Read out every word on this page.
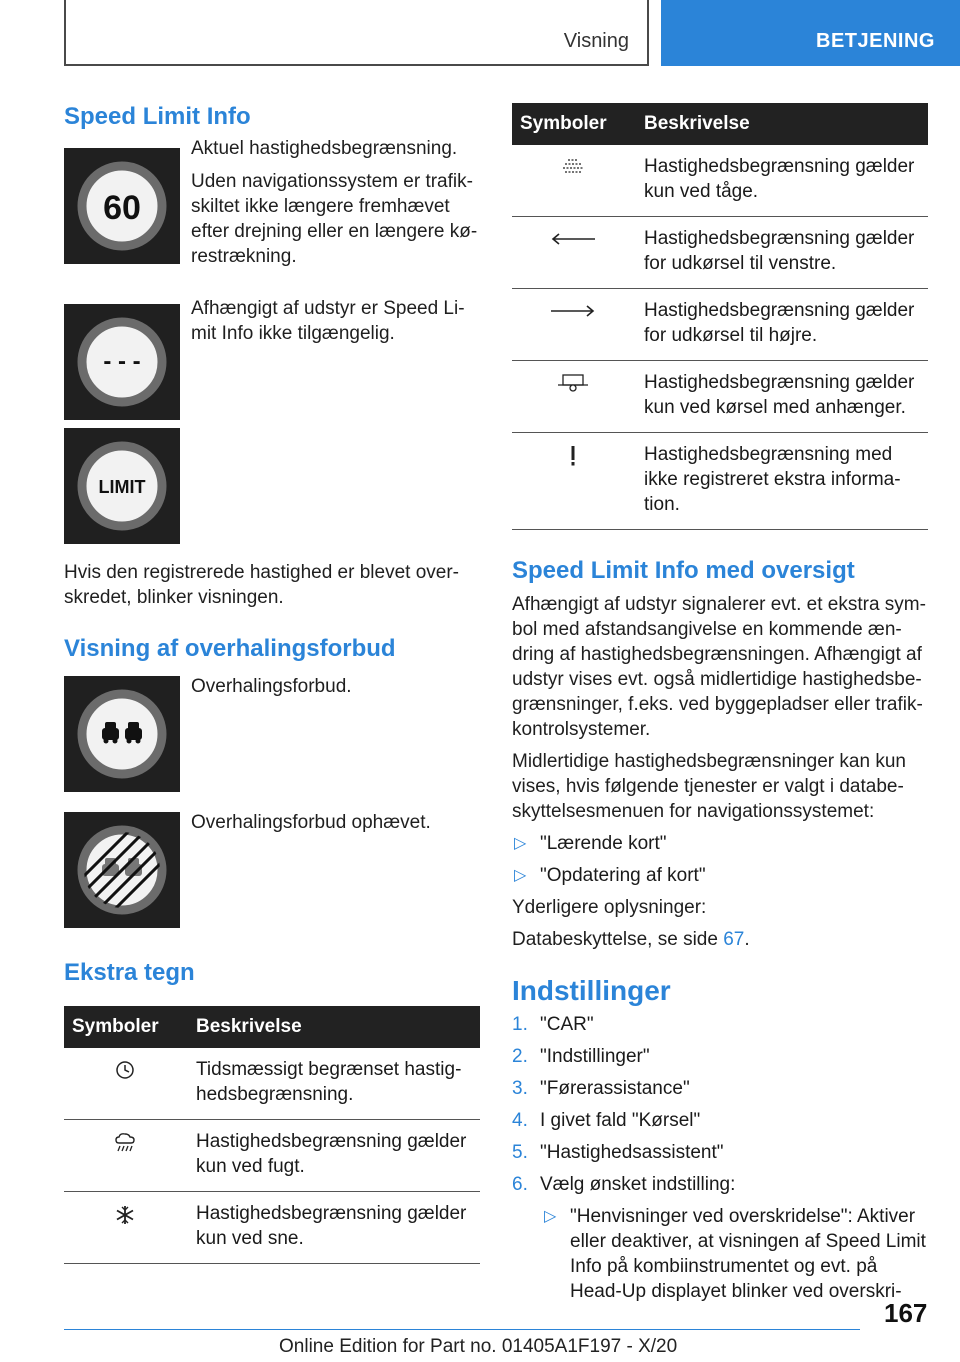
Visning	BETJENING
Speed Limit Info
60

Aktuel hastighedsbegrænsning.

Uden navigationssystem er trafik-skiltet ikke længere fremhævet efter drejning eller en længere kø-restrækning.

- - -

Afhængigt af udstyr er Speed Li-mit Info ikke tilgængelig.

LIMIT

Hvis den registrerede hastighed er blevet over-skredet, blinker visningen.

Visning af overhalingsforbud

Overhalingsforbud.

Overhalingsforbud ophævet.

Ekstra tegn
Symboler	Beskrivelse
	Tidsmæssigt begrænset hastig-hedsbegrænsning.
	Hastighedsbegrænsning gælder kun ved fugt.
	Hastighedsbegrænsning gælder kun ved sne.
Symboler	Beskrivelse
	Hastighedsbegrænsning gælder kun ved tåge.
	Hastighedsbegrænsning gælder for udkørsel til venstre.
	Hastighedsbegrænsning gælder for udkørsel til højre.
	Hastighedsbegrænsning gælder kun ved kørsel med anhænger.
	Hastighedsbegrænsning med ikke registreret ekstra informa-tion.
Speed Limit Info med oversigt

Afhængigt af udstyr signalerer evt. et ekstra sym-bol med afstandsangivelse en kommende æn-dring af hastighedsbegrænsningen. Afhængigt af udstyr vises evt. også midlertidige hastighedsbe-grænsninger, f.eks. ved byggepladser eller trafik-kontrolsystemer.

Midlertidige hastighedsbegrænsninger kan kun vises, hvis følgende tjenester er valgt i databe-skyttelsesmenuen for navigationssystemet:

▷ "Lærende kort"
▷ "Opdatering af kort"

Yderligere oplysninger:

Databeskyttelse, se side 67.

Indstillinger
1. "CAR"
2. "Indstillinger"
3. "Førerassistance"
4. I givet fald "Kørsel"
5. "Hastighedsassistent"
6. Vælg ønsket indstilling:
▷ "Henvisninger ved overskridelse": Aktiver eller deaktiver, at visningen af Speed Limit Info på kombiinstrumentet og evt. på Head-Up displayet blinker ved overskri-
167
Online Edition for Part no. 01405A1F197 - X/20
